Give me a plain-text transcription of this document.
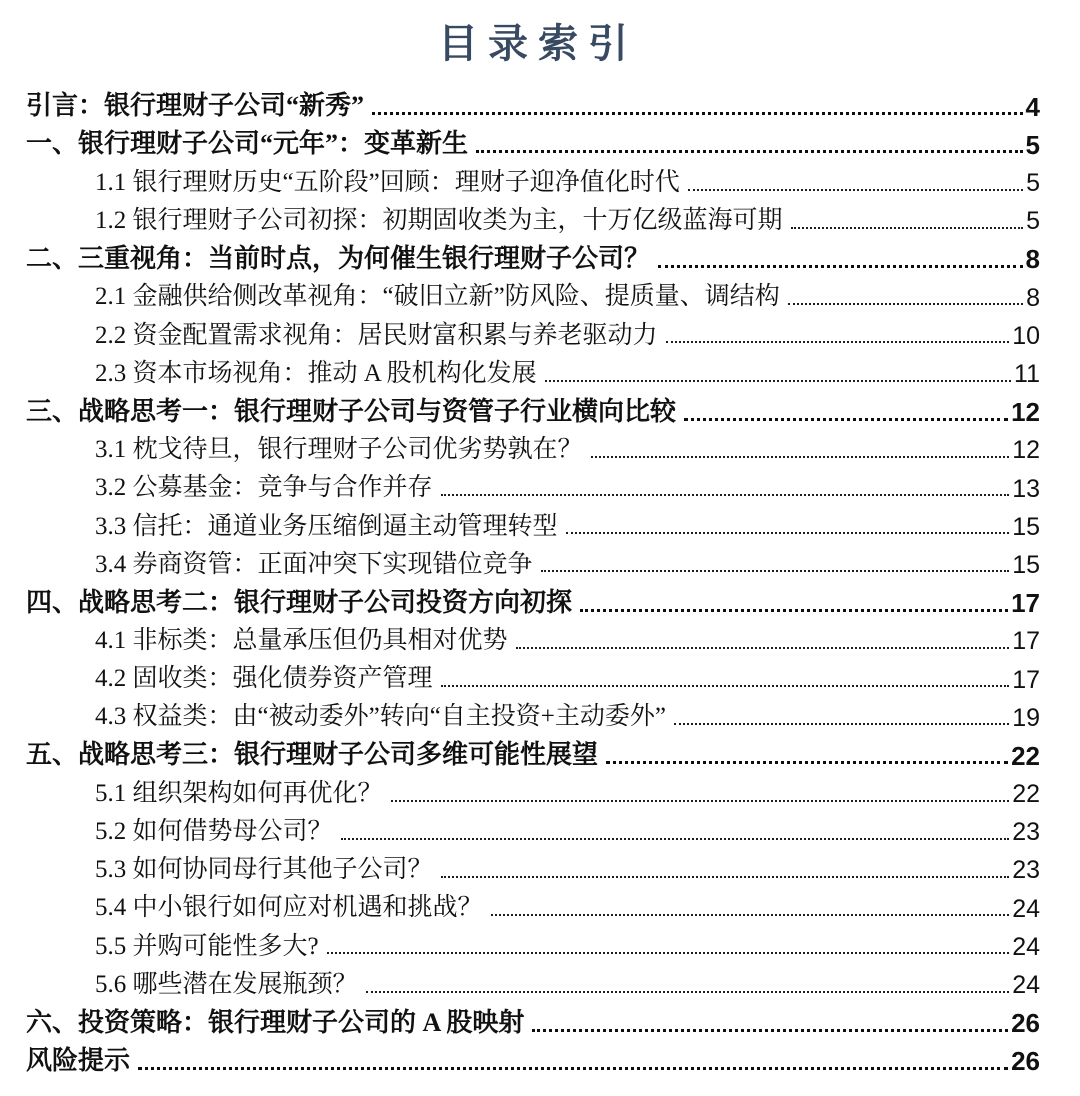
目录索引
引言：银行理财子公司“新秀”	4
一、银行理财子公司“元年”：变革新生	5
1.1 银行理财历史“五阶段”回顾：理财子迎净值化时代	5
1.2 银行理财子公司初探：初期固收类为主，十万亿级蓝海可期	5
二、三重视角：当前时点，为何催生银行理财子公司？	8
2.1 金融供给侧改革视角：“破旧立新”防风险、提质量、调结构	8
2.2 资金配置需求视角：居民财富积累与养老驱动力	10
2.3 资本市场视角：推动 A 股机构化发展	11
三、战略思考一：银行理财子公司与资管子行业横向比较	12
3.1 枕戈待旦，银行理财子公司优劣势孰在？	12
3.2 公募基金：竞争与合作并存	13
3.3 信托：通道业务压缩倒逼主动管理转型	15
3.4 券商资管：正面冲突下实现错位竞争	15
四、战略思考二：银行理财子公司投资方向初探	17
4.1 非标类：总量承压但仍具相对优势	17
4.2 固收类：强化债券资产管理	17
4.3 权益类：由“被动委外”转向“自主投资+主动委外”	19
五、战略思考三：银行理财子公司多维可能性展望	22
5.1 组织架构如何再优化？	22
5.2 如何借势母公司？	23
5.3 如何协同母行其他子公司？	23
5.4 中小银行如何应对机遇和挑战？	24
5.5 并购可能性多大?	24
5.6 哪些潜在发展瓶颈？	24
六、投资策略：银行理财子公司的 A 股映射	26
风险提示	26
